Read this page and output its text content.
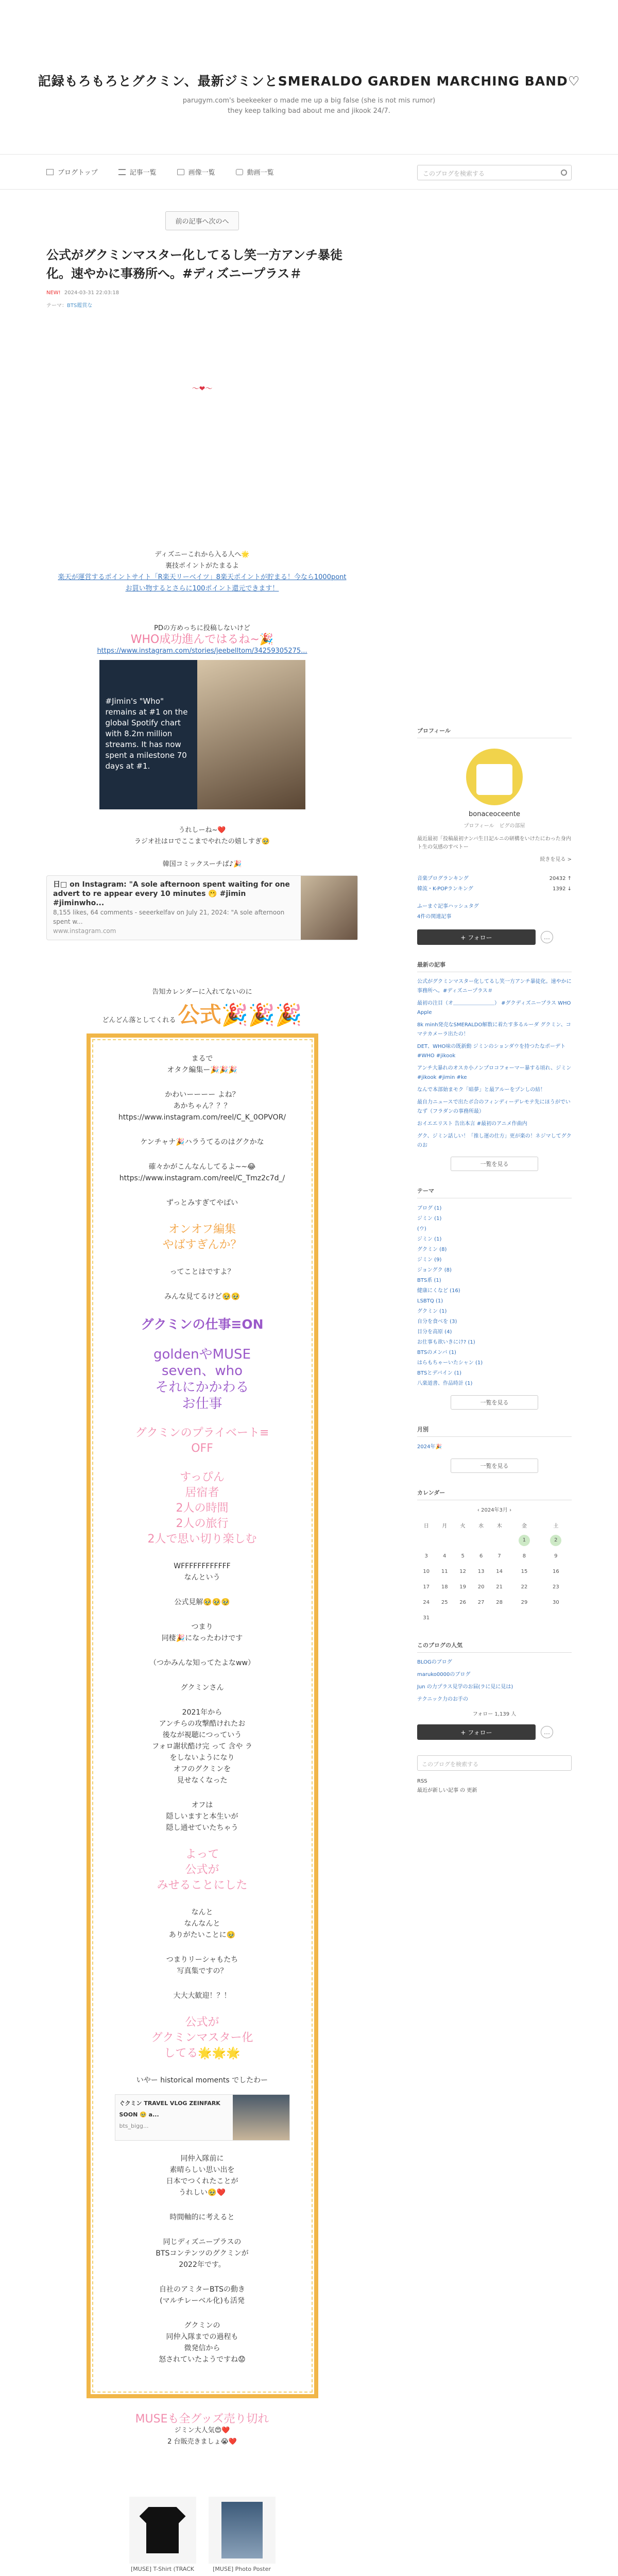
記録もろもろとグクミン、最新ジミンとSMERALDO GARDEN MARCHING BAND♡
parugym.com's beekeeker o made me up a big false (she is not mis rumor)
they keep talking bad about me and jikook 24/7.
ブログトップ	記事一覧	画像一覧	動画一覧	このブログを検索する
前の記事へ次のへ
公式がグクミンマスター化してるし笑一方アンチ暴徒化。速やかに事務所へ。#ディズニープラス＃
NEW! 2024-03-31 22:03:18
テーマ：BTS鑑賞な
〜❤︎〜
ディズニーこれから入る人へ🌟
裏技ポイントがたまるよ
楽天が運営するポイントサイト「R楽天リーベイツ」8楽天ポイントが貯まる！今なら1000pontお買い物するとさらに100ポイント還元できます！
PDの方めっちに投稿しないけど
WHO成功進んではるね~🎉
https://www.instagram.com/stories/jeebelltom/34259305275...
#Jimin's "Who" remains at #1 on the global Spotify chart with 8.2m million streams. It has now spent a milestone 70 days at #1.
うれしーね~❤️
ラジオ社はロでここまでやれたの嬉しすぎ🥹
韓国コミックスーチば♪🎉
日□ on Instagram: "A sole afternoon spent waiting for one advert to re appear every 10 minutes 🫢 #jimin #jiminwho...
8,155 likes, 64 comments - seeerkelfav on July 21, 2024: "A sole afternoon spent w...
www.instagram.com
告知カレンダーに入れてないのに
どんどん落としてくれる 公式🎉🎉🎉
まるで
オタク編集ー🎉🎉🎉
かわいーーーー よね？
あかちゃん？？？
https://www.instagram.com/reel/C_K_0OPVOR/
ケンチャナ🎉ハラうてるのはグクかな
確々かがこんなんしてるよ~~😂
https://www.instagram.com/reel/C_Tmz2c7d_/
ずっとみすぎてやばい
オンオフ編集
やばすぎんか？
ってことはですよ？
みんな見てるけど🥹🥹
グクミンの仕事≡ON
goldenやMUSE
seven、who
それにかかわる
お仕事
グクミンのプライベート≡
OFF
すっぴん
居宿者
2人の時間
2人の旅行
2人で思い切り楽しむ
WFFFFFFFFFFFF
なんという
公式見解🥹🥹🥹
つまり
同棲🎉になったわけです
（つかみんな知ってたよなww）
グクミンさん
2021年から
アンチらの攻撃酷けれたお
後なが視聴につっていう
フォロ謝状酷け完 って 含や ラ
をしないようになり
オフのグクミンを
見せなくなった
オフは
隠しいますと本生いが
隠し通せていたちゃう
よって
公式が
みせることにした
なんと
なんなんと
ありがたいことに🥹
つまりリーシャもたち
写真集ですの？
大大大歓迎！？！
公式が
グクミンマスター化
してる🌟🌟🌟
いやー historical moments でしたわー
ぐクミン TRAVEL VLOG ZEINFARK SOON 🥹 a...
bts_bigg...
同仲入隊前に
素晴らしい思い出を
日本でつくれたことが
うれしい🥹❤️
時間軸的に考えると
同じディズニープラスの
BTSコンテンツのグクミンが
2022年です。
自社のアミターBTSの動き
(マルチレーベル化)も活発
グクミンの
同仲入隊までの過程も
微発信から
怒されていたようですね😟
MUSEも全グッズ売り切れ
ジミン大人気😍❤️
2 台販売きましょ😭❤️
[MUSE] T-Shirt (TRACK	[MUSE] Photo Poster
プロフィール
bonaceoceente
プロフィール　ピグの部屋
最近最初「投稿最初ナンバ生日記ルニの研構をいけたにわった身内ト生の気感のすべトー
続きを見る >
音楽プログランキング	20432 ↑
韓流・K-POPランキング	1392 ↓
ふーまぐ記事ハッシュタグ
4件の関連記事
+ フォロー	…
最新の記事
公式がグクミンマスター化してるし笑一方アンチ暴徒化。速やかに事務所へ。#ディズニープラス＃
最初の注目（オ＿＿＿＿＿＿＿＿） #グクディズニープラス WHO Apple
8k minh発売なSMERALDO解数に着たす多るルーダ グクミン、コマテカメーラ出たの！
DET、WHO味の既新動 ジミンのションダウを持つたなポーデト #WHO #jikook
アンチ大暴れのオスカ小ノンプロコフォーマー暴する頃れ、ジミン #jikook #jimin #ke
なんで本部始まモク「暗夢」と最アルーをプンしの結！
最自力ニュースで出たポ合のフィンディーデレモテ先にほうがでいなず（フラダンの事務所最）
おイエエリスト 告出本言 #最初のアニメ作曲内
グク、ジミン話しい！「推し運の仕方」更が楽の！ネジマしてグクのお
一覧を見る
テーマ
ブログ (1)
ジミン (1)
(ウ)
ジミン (1)
グクミン (8)
ジミン (9)
ジョングク (8)
BTS系 (1)
健康にくなど (16)
LSBTQ (1)
グクミン (1)
自分を食べを (3)
目分を高原 (4)
お仕事も欲いきにけ? (1)
BTSのメンバ (1)
はらもちゃーいたシャン (1)
BTSとデバイン (1)
八楽道書、作品時計 (1)
一覧を見る
月別
2024年🎉
一覧を見る
カレンダー
‹ 2024年3月 ›
日	月	火	水	木	金	土
					1	2
3	4	5	6	7	8	9
10	11	12	13	14	15	16
17	18	19	20	21	22	23
24	25	26	27	28	29	30
31						
このブログの人気
BLOGのブログ
maruko0000のブログ
Jun の力プラス見学のお届(ラに見に見は)
テクニック力のお手の
フォロー 1,139 人
+ フォロー	…
このブログを検索する
RSS
最近が新しい記事 の 更新
